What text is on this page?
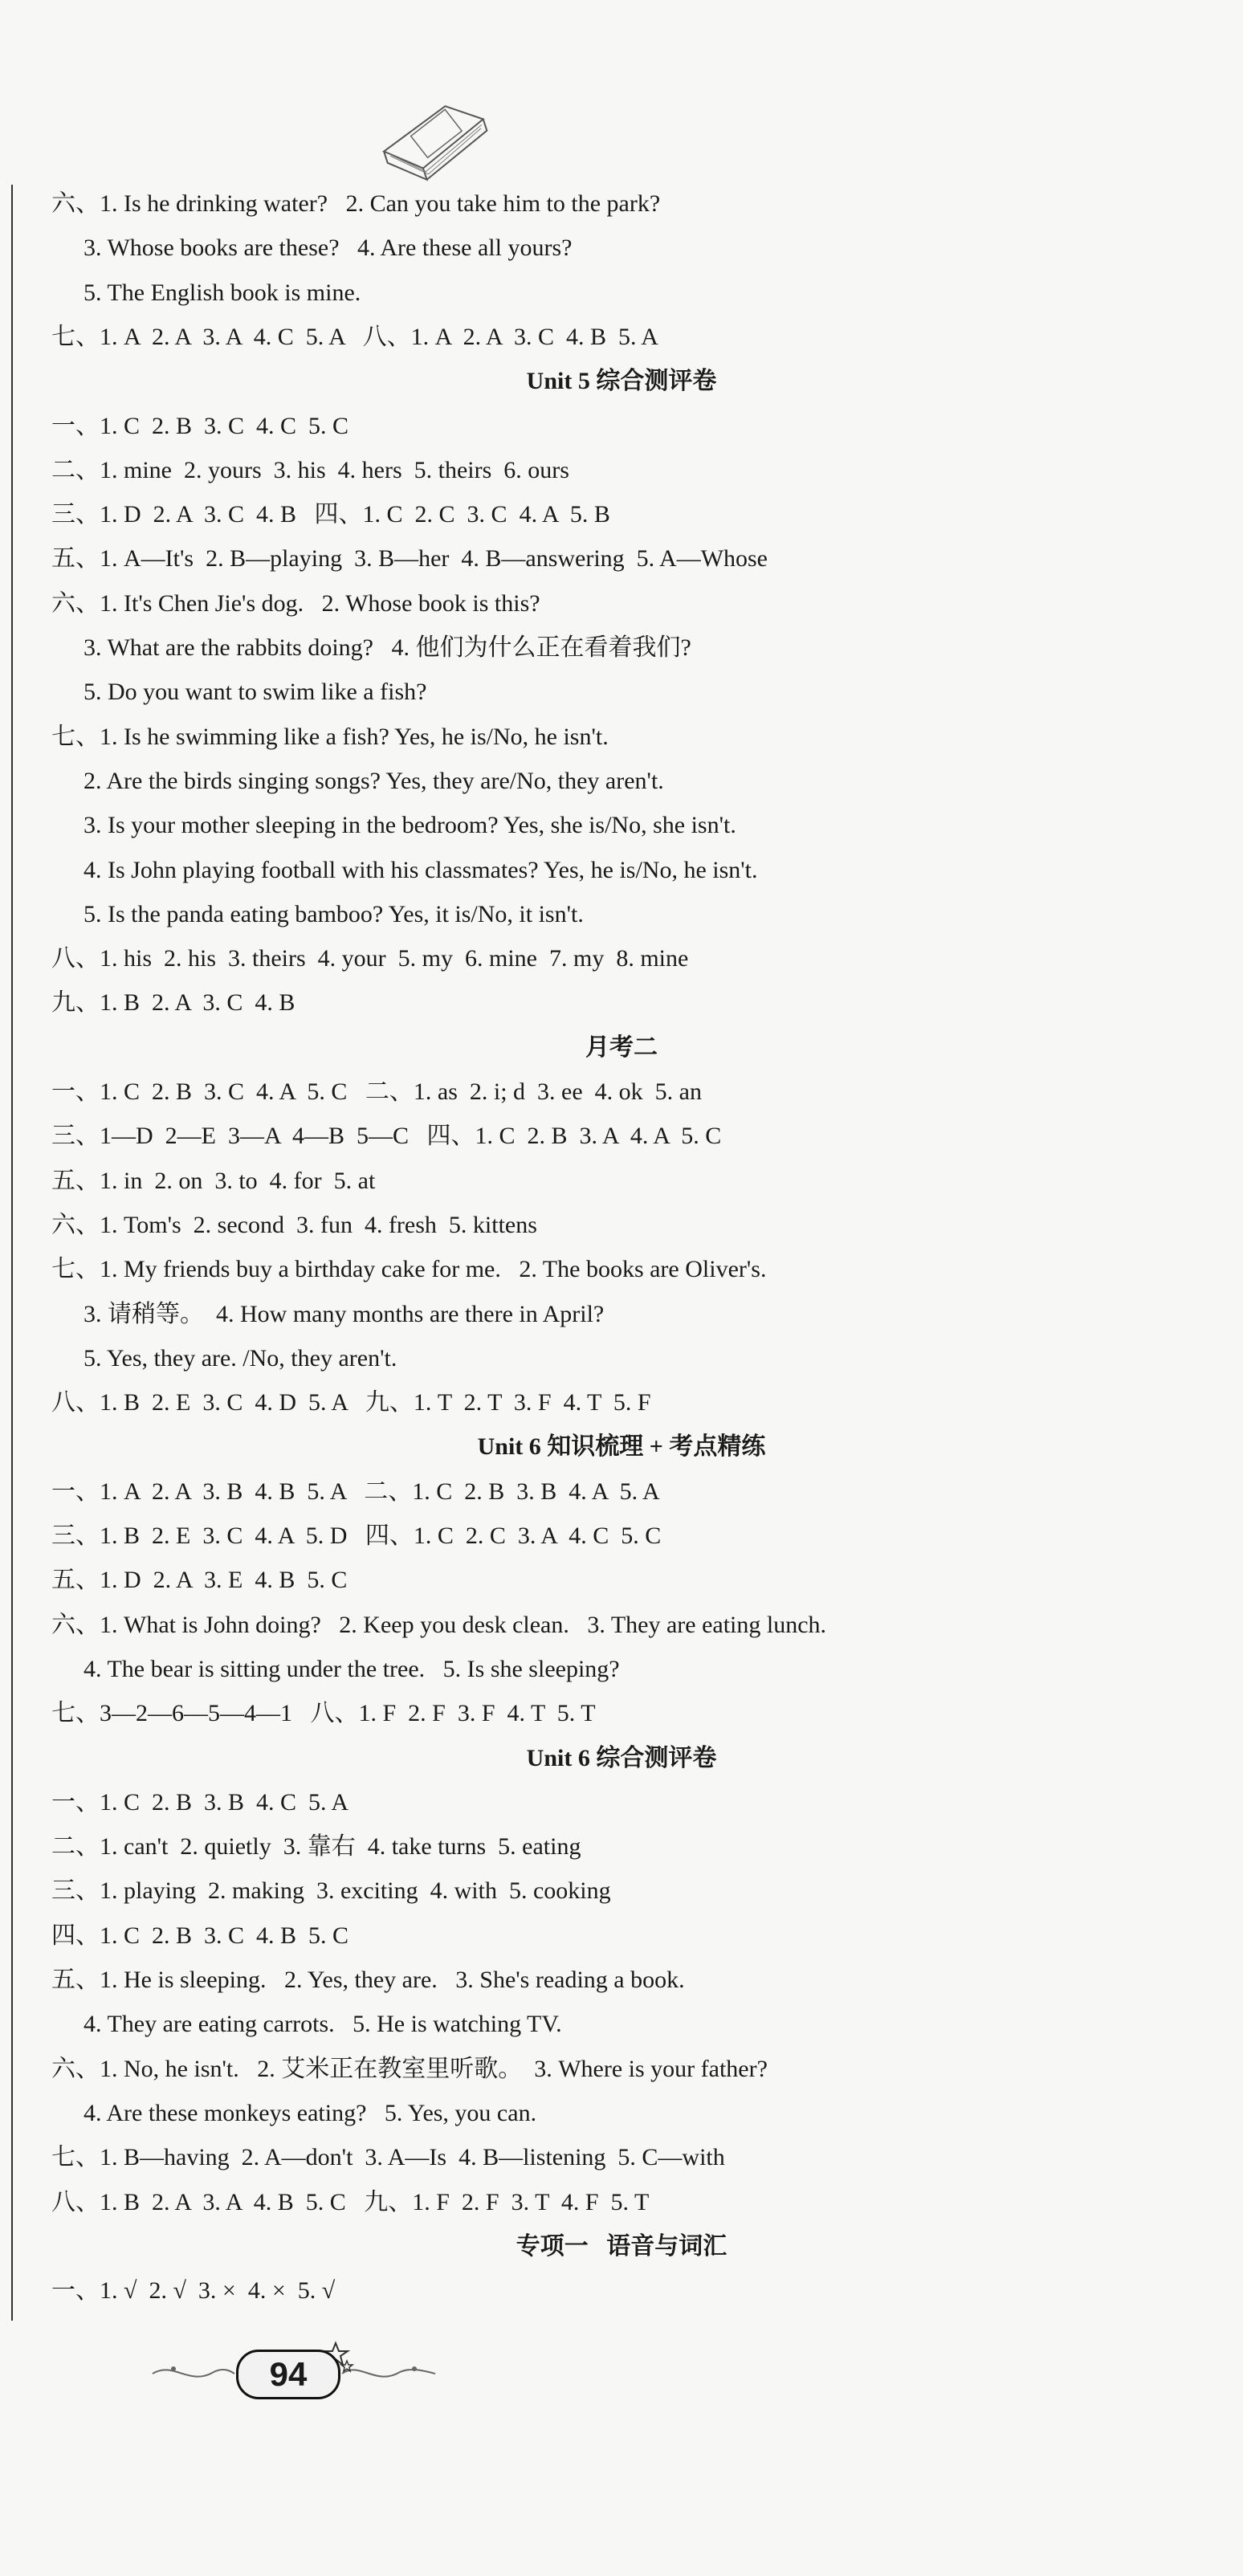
六、1. Is he drinking water?   2. Can you take him to the park?
3. Whose books are these?   4. Are these all yours?
5. The English book is mine.
七、1. A  2. A  3. A  4. C  5. A   八、1. A  2. A  3. C  4. B  5. A
Unit 5 综合测评卷
一、1. C  2. B  3. C  4. C  5. C
二、1. mine  2. yours  3. his  4. hers  5. theirs  6. ours
三、1. D  2. A  3. C  4. B   四、1. C  2. C  3. C  4. A  5. B
五、1. A—It's  2. B—playing  3. B—her  4. B—answering  5. A—Whose
六、1. It's Chen Jie's dog.   2. Whose book is this?
3. What are the rabbits doing?   4. 他们为什么正在看着我们?
5. Do you want to swim like a fish?
七、1. Is he swimming like a fish? Yes, he is/No, he isn't.
2. Are the birds singing songs? Yes, they are/No, they aren't.
3. Is your mother sleeping in the bedroom? Yes, she is/No, she isn't.
4. Is John playing football with his classmates? Yes, he is/No, he isn't.
5. Is the panda eating bamboo? Yes, it is/No, it isn't.
八、1. his  2. his  3. theirs  4. your  5. my  6. mine  7. my  8. mine
九、1. B  2. A  3. C  4. B
月考二
一、1. C  2. B  3. C  4. A  5. C   二、1. as  2. i; d  3. ee  4. ok  5. an
三、1—D  2—E  3—A  4—B  5—C   四、1. C  2. B  3. A  4. A  5. C
五、1. in  2. on  3. to  4. for  5. at
六、1. Tom's  2. second  3. fun  4. fresh  5. kittens
七、1. My friends buy a birthday cake for me.   2. The books are Oliver's.
3. 请稍等。  4. How many months are there in April?
5. Yes, they are. /No, they aren't.
八、1. B  2. E  3. C  4. D  5. A   九、1. T  2. T  3. F  4. T  5. F
Unit 6 知识梳理 + 考点精练
一、1. A  2. A  3. B  4. B  5. A   二、1. C  2. B  3. B  4. A  5. A
三、1. B  2. E  3. C  4. A  5. D   四、1. C  2. C  3. A  4. C  5. C
五、1. D  2. A  3. E  4. B  5. C
六、1. What is John doing?   2. Keep you desk clean.   3. They are eating lunch.
4. The bear is sitting under the tree.   5. Is she sleeping?
七、3—2—6—5—4—1   八、1. F  2. F  3. F  4. T  5. T
Unit 6 综合测评卷
一、1. C  2. B  3. B  4. C  5. A
二、1. can't  2. quietly  3. 靠右  4. take turns  5. eating
三、1. playing  2. making  3. exciting  4. with  5. cooking
四、1. C  2. B  3. C  4. B  5. C
五、1. He is sleeping.   2. Yes, they are.   3. She's reading a book.
4. They are eating carrots.   5. He is watching TV.
六、1. No, he isn't.   2. 艾米正在教室里听歌。  3. Where is your father?
4. Are these monkeys eating?   5. Yes, you can.
七、1. B—having  2. A—don't  3. A—Is  4. B—listening  5. C—with
八、1. B  2. A  3. A  4. B  5. C   九、1. F  2. F  3. T  4. F  5. T
专项一   语音与词汇
一、1. √  2. √  3. ×  4. ×  5. √
94
